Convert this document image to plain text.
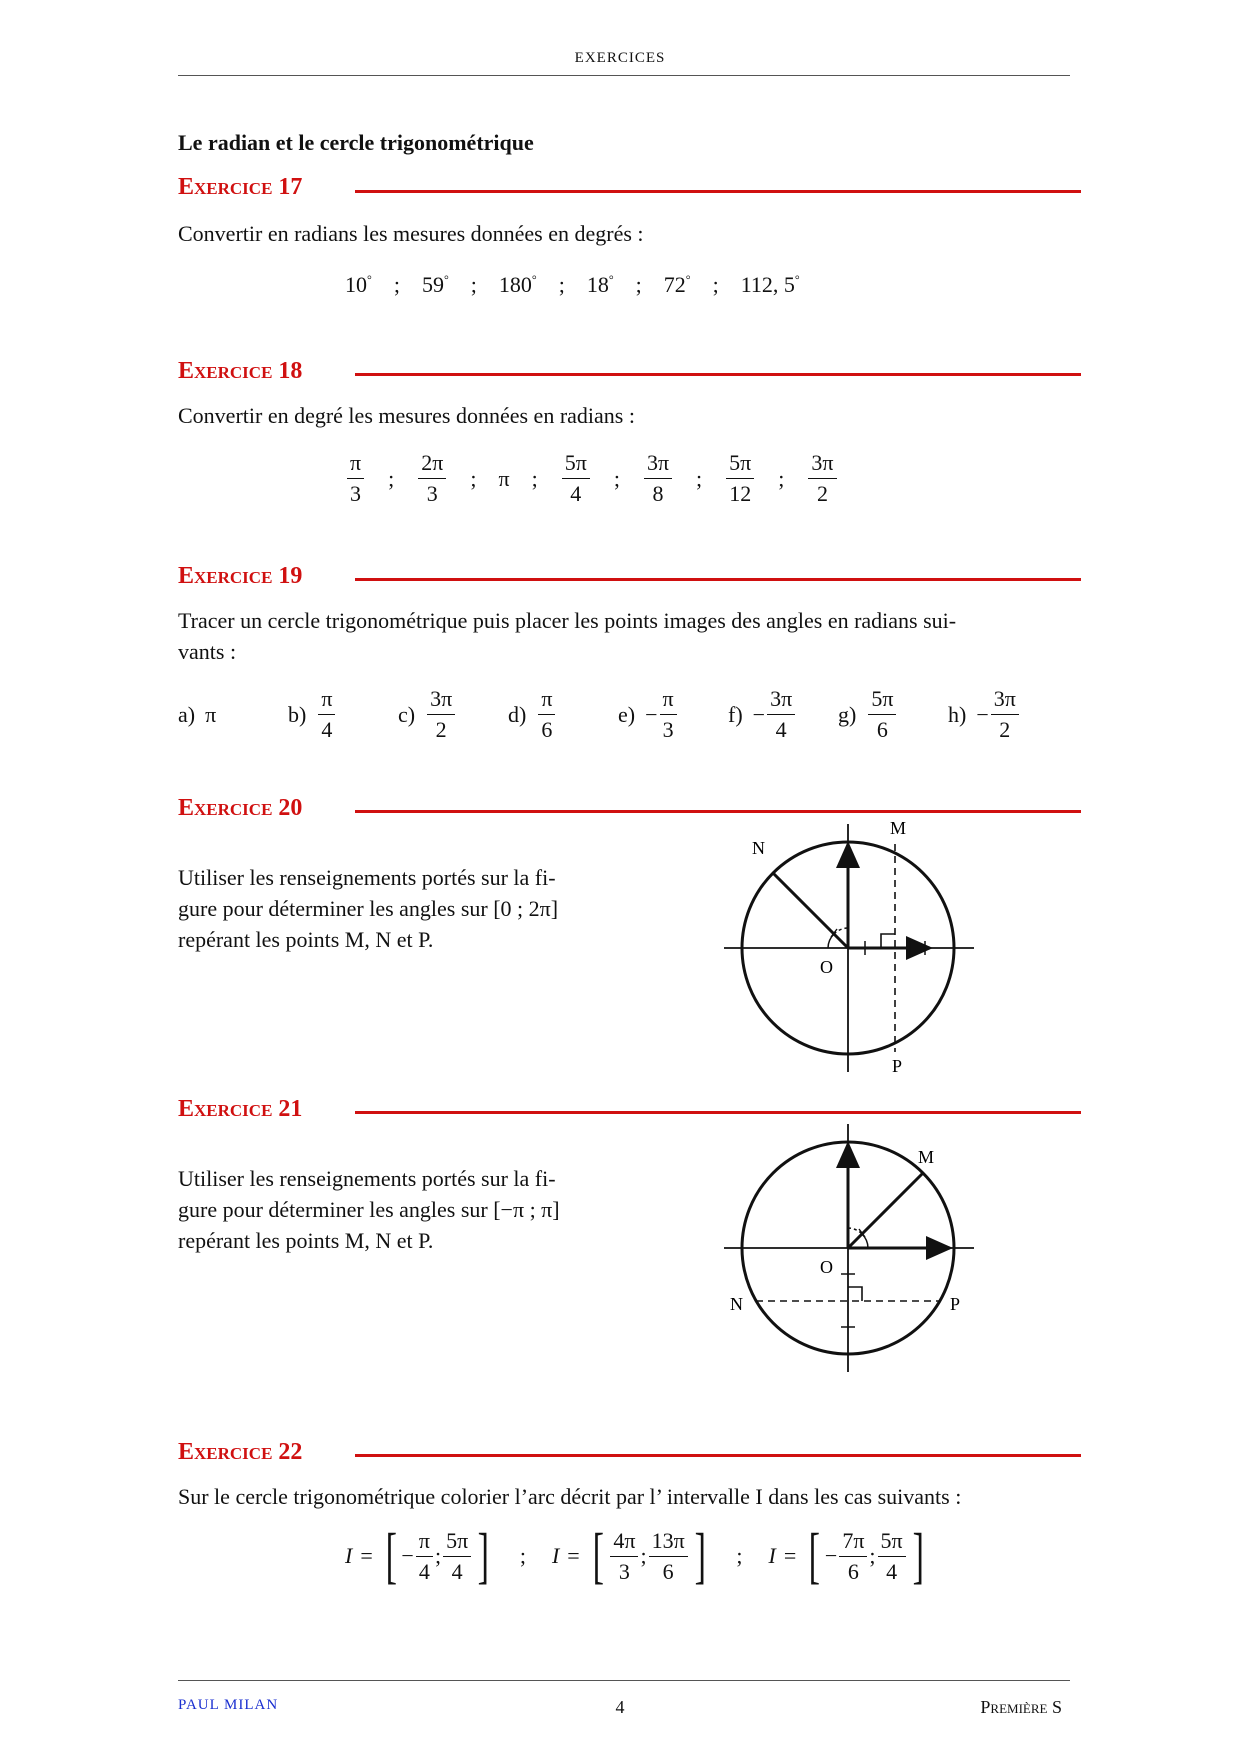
EXERCICES
Le radian et le cercle trigonométrique
Exercice 17
Convertir en radians les mesures données en degrés :
10° ; 59° ; 180° ; 18° ; 72° ; 112, 5°
Exercice 18
Convertir en degré les mesures données en radians :
$\frac{\pi}{3}$ ; $\frac{2\pi}{3}$ ; π ; $\frac{5\pi}{4}$ ; $\frac{3\pi}{8}$ ; $\frac{5\pi}{12}$ ; $\frac{3\pi}{2}$
Exercice 19
Tracer un cercle trigonométrique puis placer les points images des angles en radians sui-
vants :
a) π	$b) \frac{\pi}{4}$	$c) \frac{3\pi}{2} d) \frac{\pi}{6}$	$e) - \frac{\pi}{3} f) - \frac{3\pi}{4} g) \frac{5\pi}{6} h) - \frac{3\pi}{2}$
Exercice 20
Utiliser les renseignements portés sur la fi-
gure pour déterminer les angles sur [0 ; 2π]
repérant les points M, N et P.
M
N
O
P
Exercice 21
Utiliser les renseignements portés sur la fi-
gure pour déterminer les angles sur [−π ; π]
repérant les points M, N et P.
M
N
O
P
Exercice 22
Sur le cercle trigonométrique colorier l’arc décrit par l’ intervalle I dans les cas suivants :
I = [ − $\frac{\pi}{4}$ ; $\frac{5\pi}{4}$ ] ; I = [ $\frac{4\pi}{3}$ ; $\frac{13\pi}{6}$ ] ; I = [ − $\frac{7\pi}{6}$ ; $\frac{5\pi}{4}$ ]
PAUL MILAN	4	Première S
